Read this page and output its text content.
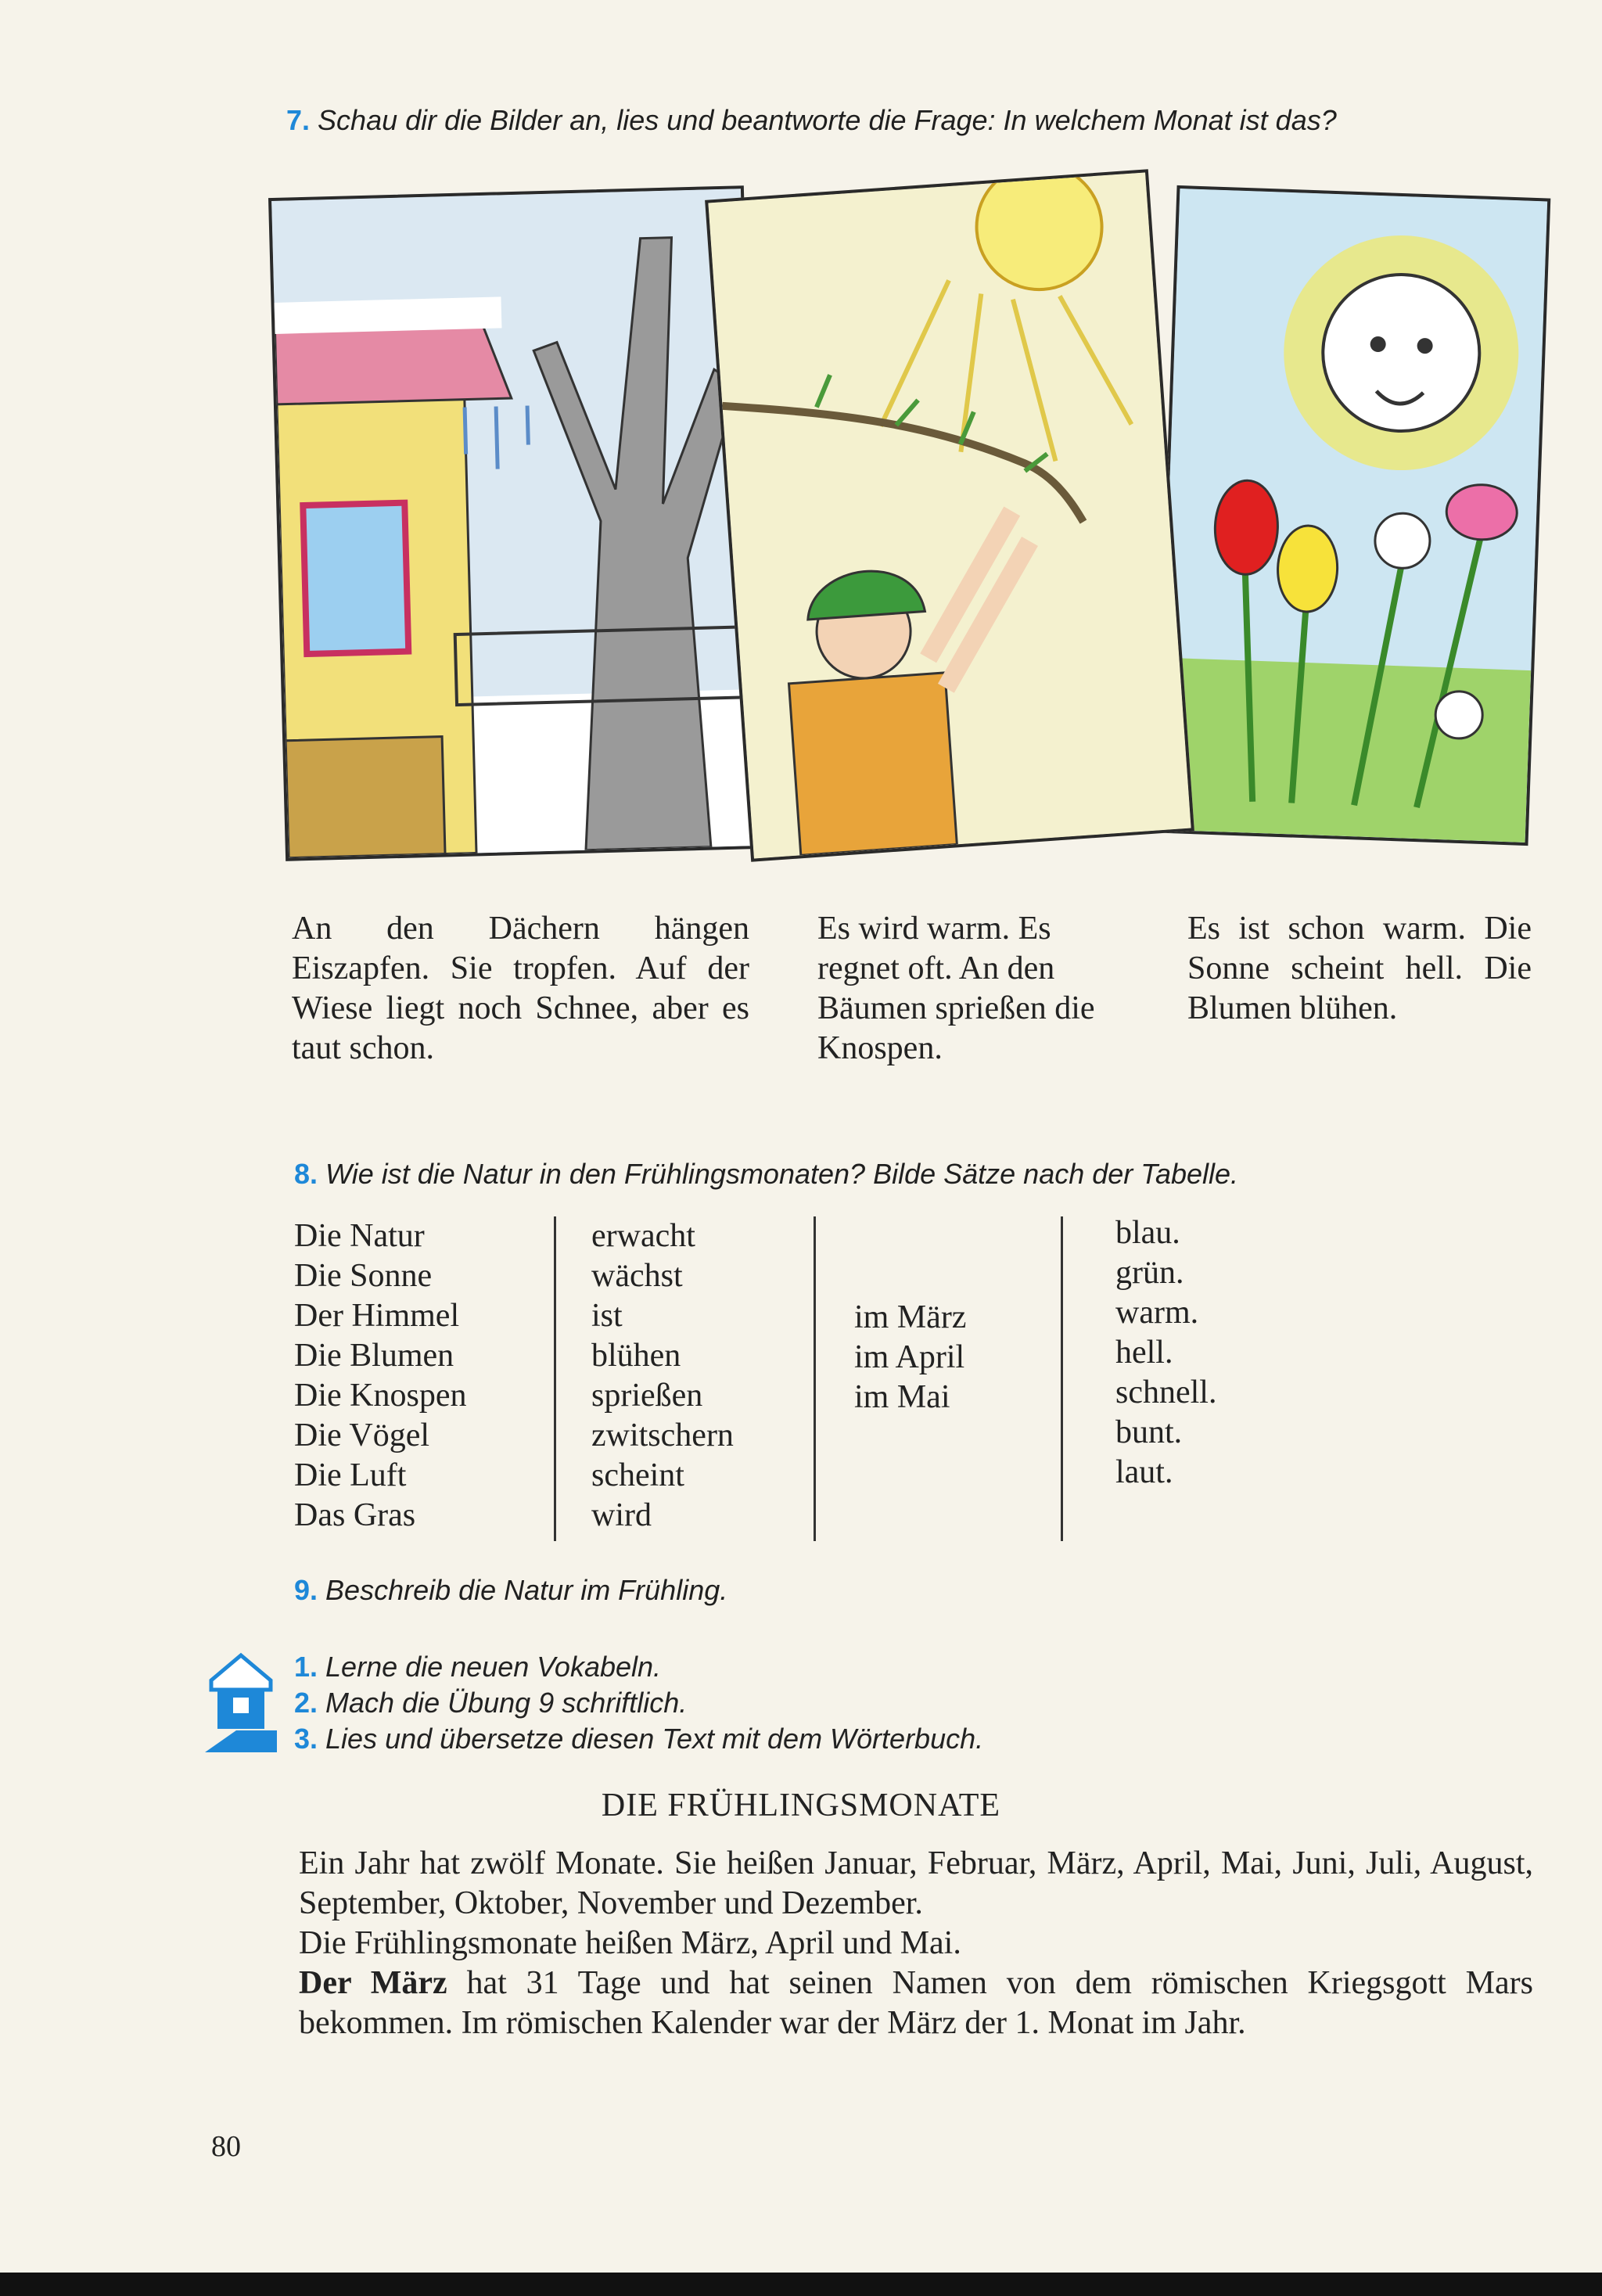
7. Schau dir die Bilder an, lies und beantworte die Frage: In welchem Monat ist das?
An den Dächern hängen Eiszapfen. Sie tropfen. Auf der Wiese liegt noch Schnee, aber es taut schon.
Es wird warm. Es regnet oft. An den Bäumen sprießen die Knospen.
Es ist schon warm. Die Sonne scheint hell. Die Blumen blühen.
8. Wie ist die Natur in den Frühlingsmonaten? Bilde Sätze nach der Tabelle.
Die Natur
Die Sonne
Der Himmel
Die Blumen
Die Knospen
Die Vögel
Die Luft
Das Gras
erwacht
wächst
ist
blühen
sprießen
zwitschern
scheint
wird
im März
im April
im Mai
blau.
grün.
warm.
hell.
schnell.
bunt.
laut.
9. Beschreib die Natur im Frühling.
1. Lerne die neuen Vokabeln.
2. Mach die Übung 9 schriftlich.
3. Lies und übersetze diesen Text mit dem Wörterbuch.
DIE FRÜHLINGSMONATE

Ein Jahr hat zwölf Monate. Sie heißen Januar, Februar, März, April, Mai, Juni, Juli, August, September, Oktober, November und Dezember.

Die Frühlingsmonate heißen März, April und Mai.

Der März hat 31 Tage und hat seinen Namen von dem römischen Kriegsgott Mars bekommen. Im römischen Kalender war der März der 1. Monat im Jahr.

80
